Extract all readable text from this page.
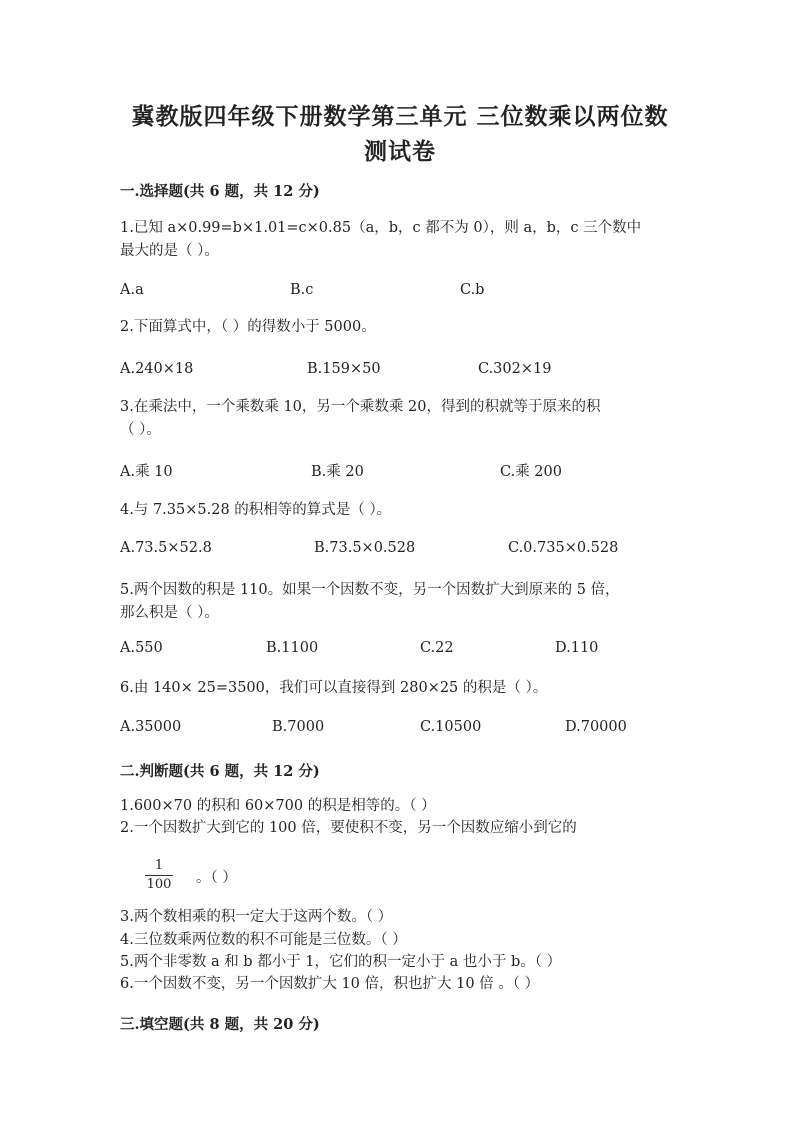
冀教版四年级下册数学第三单元 三位数乘以两位数
测试卷
一.选择题(共 6 题，共 12 分)
1.已知 a×0.99=b×1.01=c×0.85（a，b，c 都不为 0），则 a，b，c 三个数中
最大的是（ ）。
A.a	B.c	C.b
2.下面算式中，（ ）的得数小于 5000。
A.240×18	B.159×50	C.302×19
3.在乘法中，一个乘数乘 10，另一个乘数乘 20，得到的积就等于原来的积
（ ）。
A.乘 10	B.乘 20	C.乘 200
4.与 7.35×5.28 的积相等的算式是（ ）。
A.73.5×52.8	B.73.5×0.528	C.0.735×0.528
5.两个因数的积是 110。如果一个因数不变，另一个因数扩大到原来的 5 倍，
那么积是（ ）。
A.550	B.1100	C.22	D.110
6.由 140× 25=3500，我们可以直接得到 280×25 的积是（ ）。
A.35000	B.7000	C.10500	D.70000
二.判断题(共 6 题，共 12 分)
1.600×70 的积和 60×700 的积是相等的。（ ）
2.一个因数扩大到它的 100 倍，要使积不变，另一个因数应缩小到它的
1
100 。（ ）
3.两个数相乘的积一定大于这两个数。（ ）
4.三位数乘两位数的积不可能是三位数。（ ）
5.两个非零数 a 和 b 都小于 1，它们的积一定小于 a 也小于 b。（ ）
6.一个因数不变，另一个因数扩大 10 倍，积也扩大 10 倍 。（ ）
三.填空题(共 8 题，共 20 分)
